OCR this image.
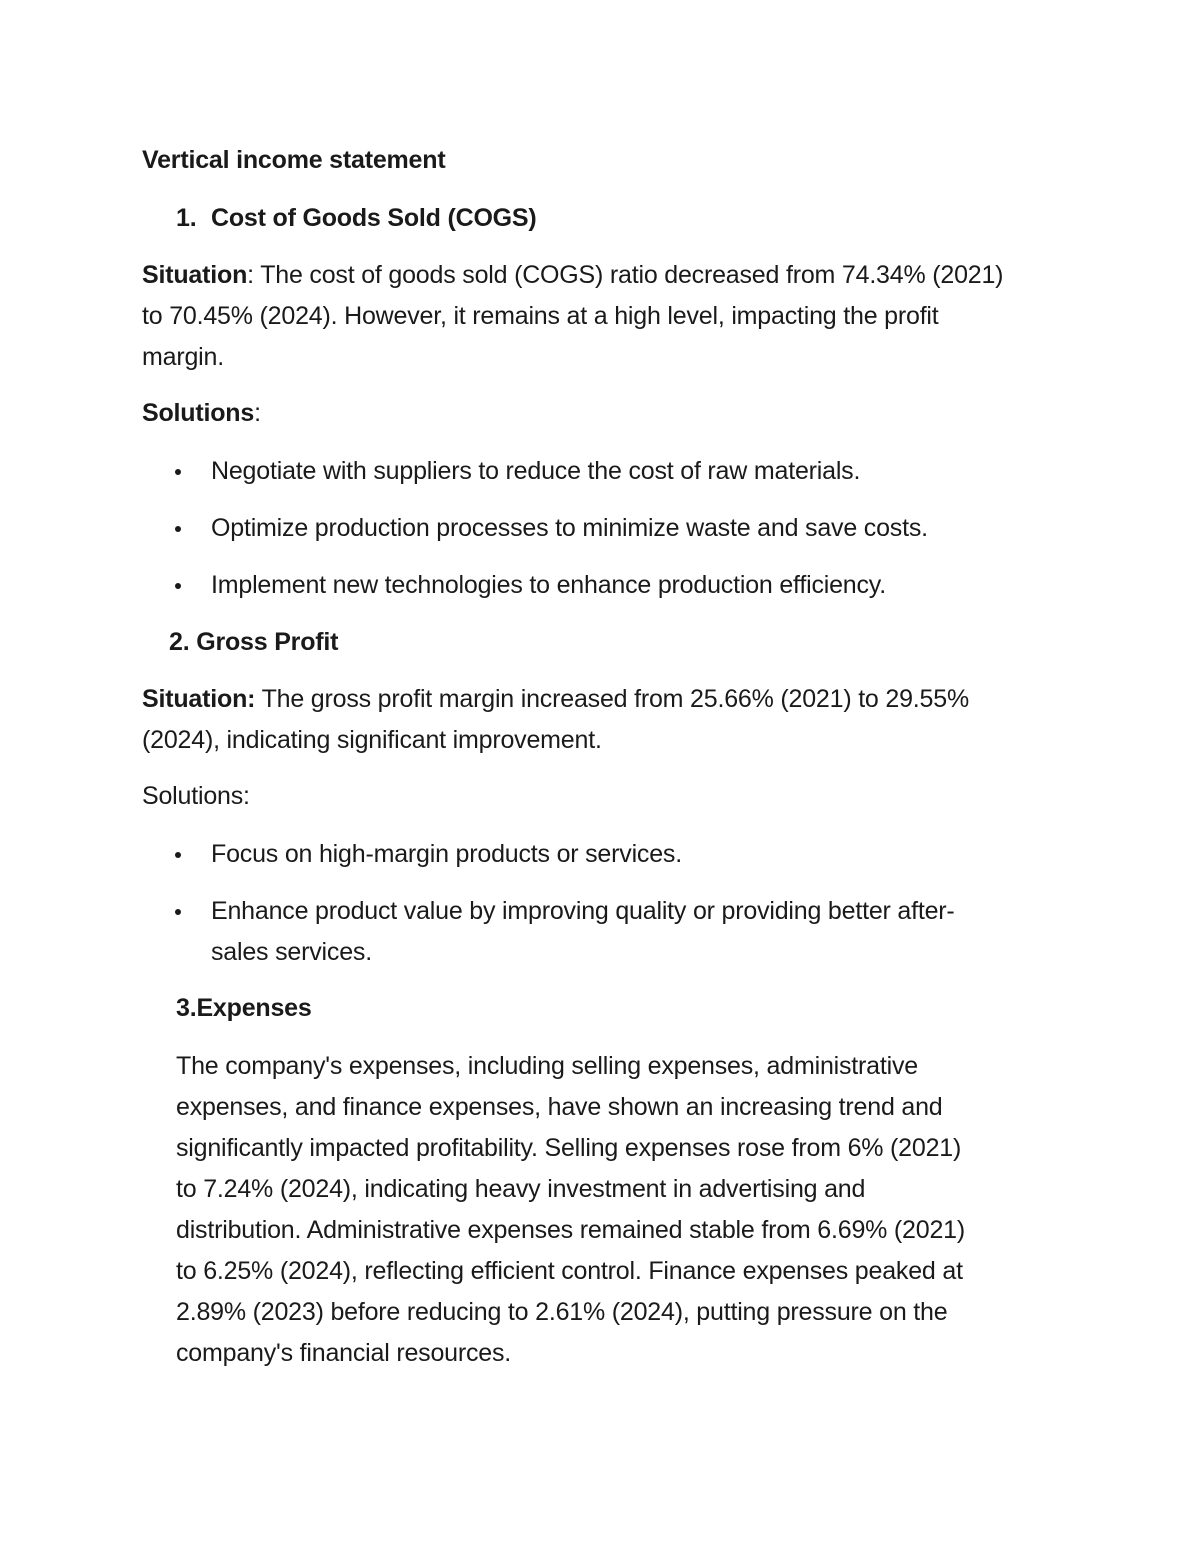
Vertical income statement
1. Cost of Goods Sold (COGS)
Situation: The cost of goods sold (COGS) ratio decreased from 74.34% (2021)
to 70.45% (2024). However, it remains at a high level, impacting the profit
margin.
Solutions:
Negotiate with suppliers to reduce the cost of raw materials.
Optimize production processes to minimize waste and save costs.
Implement new technologies to enhance production efficiency.
2. Gross Profit
Situation: The gross profit margin increased from 25.66% (2021) to 29.55%
(2024), indicating significant improvement.
Solutions:
Focus on high-margin products or services.
Enhance product value by improving quality or providing better after-
sales services.
3.Expenses
The company's expenses, including selling expenses, administrative
expenses, and finance expenses, have shown an increasing trend and
significantly impacted profitability. Selling expenses rose from 6% (2021)
to 7.24% (2024), indicating heavy investment in advertising and
distribution. Administrative expenses remained stable from 6.69% (2021)
to 6.25% (2024), reflecting efficient control. Finance expenses peaked at
2.89% (2023) before reducing to 2.61% (2024), putting pressure on the
company's financial resources.
